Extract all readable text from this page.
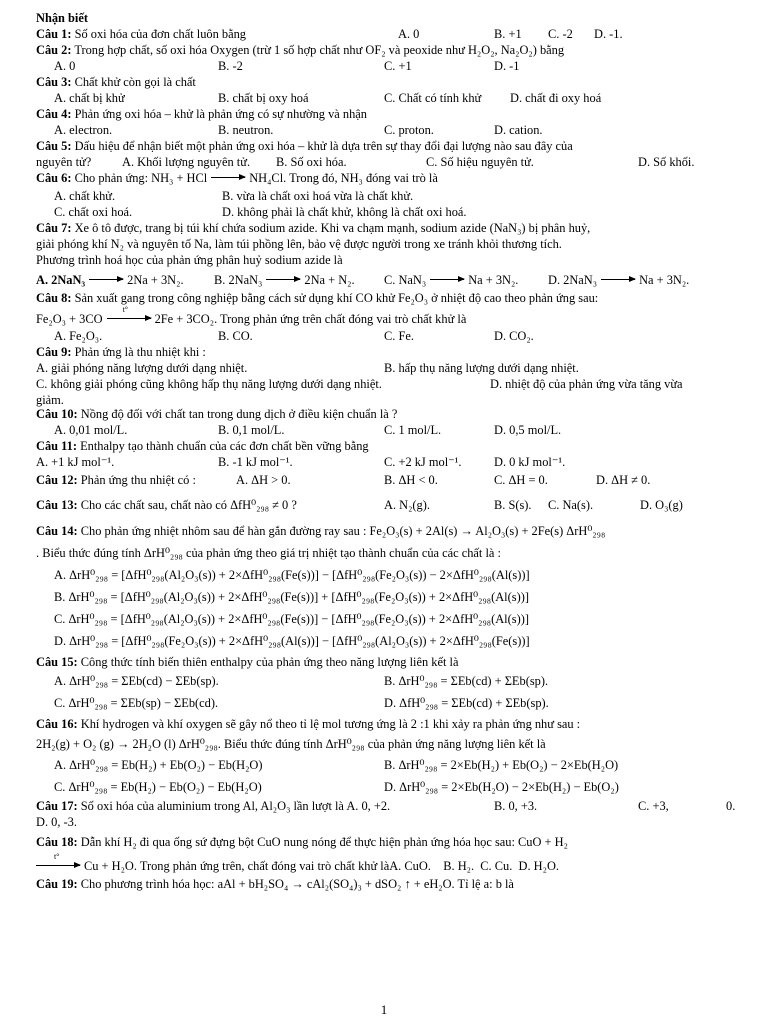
Nhận biết
Câu 1: Số oxi hóa của đơn chất luôn bằng	A. 0	B. +1 C. -2 D. -1.
Câu 2: Trong hợp chất, số oxi hóa Oxygen (trừ 1 số hợp chất như OF₂ và peoxide như H₂O₂, Na₂O₂) bằng
A. 0	B. -2	C. +1	D. -1
Câu 3: Chất khử còn gọi là chất
A. chất bị khử	B. chất bị oxy hoá	C. Chất có tính khử D. chất đi oxy hoá
Câu 4: Phản ứng oxi hóa – khử là phản ứng có sự nhường và nhận
A. electron.	B. neutron.	C. proton.	D. cation.
Câu 5: Dấu hiệu để nhận biết một phản ứng oxi hóa – khử là dựa trên sự thay đổi đại lượng nào sau đây của
nguyên tử? A. Khối lượng nguyên tử. B. Số oxi hóa.	C. Số hiệu nguyên tử.	D. Số khối.
Câu 6: Cho phản ứng: NH₃ + HCl → NH₄Cl. Trong đó, NH₃ đóng vai trò là
A. chất khử.	B. vừa là chất oxi hoá vừa là chất khử.
C. chất oxi hoá.	D. không phải là chất khử, không là chất oxi hoá.
Câu 7: Xe ô tô được, trang bị túi khí chứa sodium azide. Khi va chạm mạnh, sodium azide (NaN₃) bị phân huỷ,
giải phóng khí N₂ và nguyên tố Na, làm túi phồng lên, bảo vệ được người trong xe tránh khỏi thương tích.
Phương trình hoá học của phản ứng phân huỷ sodium azide là
A. 2NaN₃ → 2Na + 3N₂. B. 2NaN₃ → 2Na + N₂. C. NaN₃ → Na + 3N₂. D. 2NaN₃ → Na + 3N₂.
Câu 8: Sản xuất gang trong công nghiệp bằng cách sử dụng khí CO khử Fe₂O₃ ở nhiệt độ cao theo phản ứng sau:
Fe₂O₃ + 3CO
t°
2Fe + 3CO₂. Trong phản ứng trên chất đóng vai trò chất khử là
A. Fe₂O₃.	B. CO.	C. Fe.	D. CO₂.
Câu 9: Phản ứng là thu nhiệt khi :
A. giải phóng năng lượng dưới dạng nhiệt.	B. hấp thụ năng lượng dưới dạng nhiệt.
C. không giải phóng cũng không hấp thụ năng lượng dưới dạng nhiệt.	D. nhiệt độ của phản ứng vừa tăng vừa
giảm.
Câu 10: Nồng độ đối với chất tan trong dung dịch ở điều kiện chuẩn là ?
A. 0,01 mol/L.	B. 0,1 mol/L.	C. 1 mol/L.	D. 0,5 mol/L.
Câu 11: Enthalpy tạo thành chuẩn của các đơn chất bền vững bằng
A. +1 kJ mol⁻¹.	B. -1 kJ mol⁻¹.	C. +2 kJ mol⁻¹.	D. 0 kJ mol⁻¹.
Câu 12: Phản ứng thu nhiệt có :	A. ΔH > 0.	B. ΔH < 0.	C. ΔH = 0.	D. ΔH ≠ 0.
Câu 13: Cho các chất sau, chất nào có ΔfH⁰₂₉₈ ≠ 0 ?	A. N₂(g).	B. S(s). C. Na(s).	D. O₃(g)
Câu 14: Cho phản ứng nhiệt nhôm sau để hàn gắn đường ray sau : Fe₂O₃(s) + 2Al(s) → Al₂O₃(s) + 2Fe(s) ΔrH⁰₂₉₈
. Biểu thức đúng tính ΔrH⁰₂₉₈ của phản ứng theo giá trị nhiệt tạo thành chuẩn của các chất là :
A. ΔrH⁰₂₉₈ = [ΔfH⁰₂₉₈(Al₂O₃(s)) + 2×ΔfH⁰₂₉₈(Fe(s))] − [ΔfH⁰₂₉₈(Fe₂O₃(s)) − 2×ΔfH⁰₂₉₈(Al(s))]
B. ΔrH⁰₂₉₈ = [ΔfH⁰₂₉₈(Al₂O₃(s)) + 2×ΔfH⁰₂₉₈(Fe(s))] + [ΔfH⁰₂₉₈(Fe₂O₃(s)) + 2×ΔfH⁰₂₉₈(Al(s))]
C. ΔrH⁰₂₉₈ = [ΔfH⁰₂₉₈(Al₂O₃(s)) + 2×ΔfH⁰₂₉₈(Fe(s))] − [ΔfH⁰₂₉₈(Fe₂O₃(s)) + 2×ΔfH⁰₂₉₈(Al(s))]
D. ΔrH⁰₂₉₈ = [ΔfH⁰₂₉₈(Fe₂O₃(s)) + 2×ΔfH⁰₂₉₈(Al(s))] − [ΔfH⁰₂₉₈(Al₂O₃(s)) + 2×ΔfH⁰₂₉₈(Fe(s))]
Câu 15: Công thức tính biến thiên enthalpy của phản ứng theo năng lượng liên kết là
A. ΔrH⁰₂₉₈ = ΣEb(cd) − ΣEb(sp).	B. ΔrH⁰₂₉₈ = ΣEb(cd) + ΣEb(sp).
C. ΔrH⁰₂₉₈ = ΣEb(sp) − ΣEb(cd).	D. ΔfH⁰₂₉₈ = ΣEb(cd) + ΣEb(sp).
Câu 16: Khí hydrogen và khí oxygen sẽ gây nổ theo tỉ lệ mol tương ứng là 2 :1 khi xảy ra phản ứng như sau :
2H₂(g) + O₂ (g) → 2H₂O (l) ΔrH⁰₂₉₈. Biểu thức đúng tính ΔrH⁰₂₉₈ của phản ứng năng lượng liên kết là
A. ΔrH⁰₂₉₈ = Eb(H₂) + Eb(O₂) − Eb(H₂O)	B. ΔrH⁰₂₉₈ = 2×Eb(H₂) + Eb(O₂) − 2×Eb(H₂O)
C. ΔrH⁰₂₉₈ = Eb(H₂) − Eb(O₂) − Eb(H₂O)	D. ΔrH⁰₂₉₈ = 2×Eb(H₂O) − 2×Eb(H₂) − Eb(O₂)
Câu 17: Số oxi hóa của aluminium trong Al, Al₂O₃ lần lượt là A. 0, +2.	B. 0, +3.	C. +3,	0.
D. 0, -3.
Câu 18: Dẫn khí H₂ đi qua ống sứ đựng bột CuO nung nóng để thực hiện phản ứng hóa học sau: CuO + H₂
t°
Cu + H₂O. Trong phản ứng trên, chất đóng vai trò chất khử làA. CuO. B. H₂. C. Cu. D. H₂O.
Câu 19: Cho phương trình hóa học: aAl + bH₂SO₄ → cAl₂(SO₄)₃ + dSO₂ ↑ + eH₂O. Tỉ lệ a: b là
1
